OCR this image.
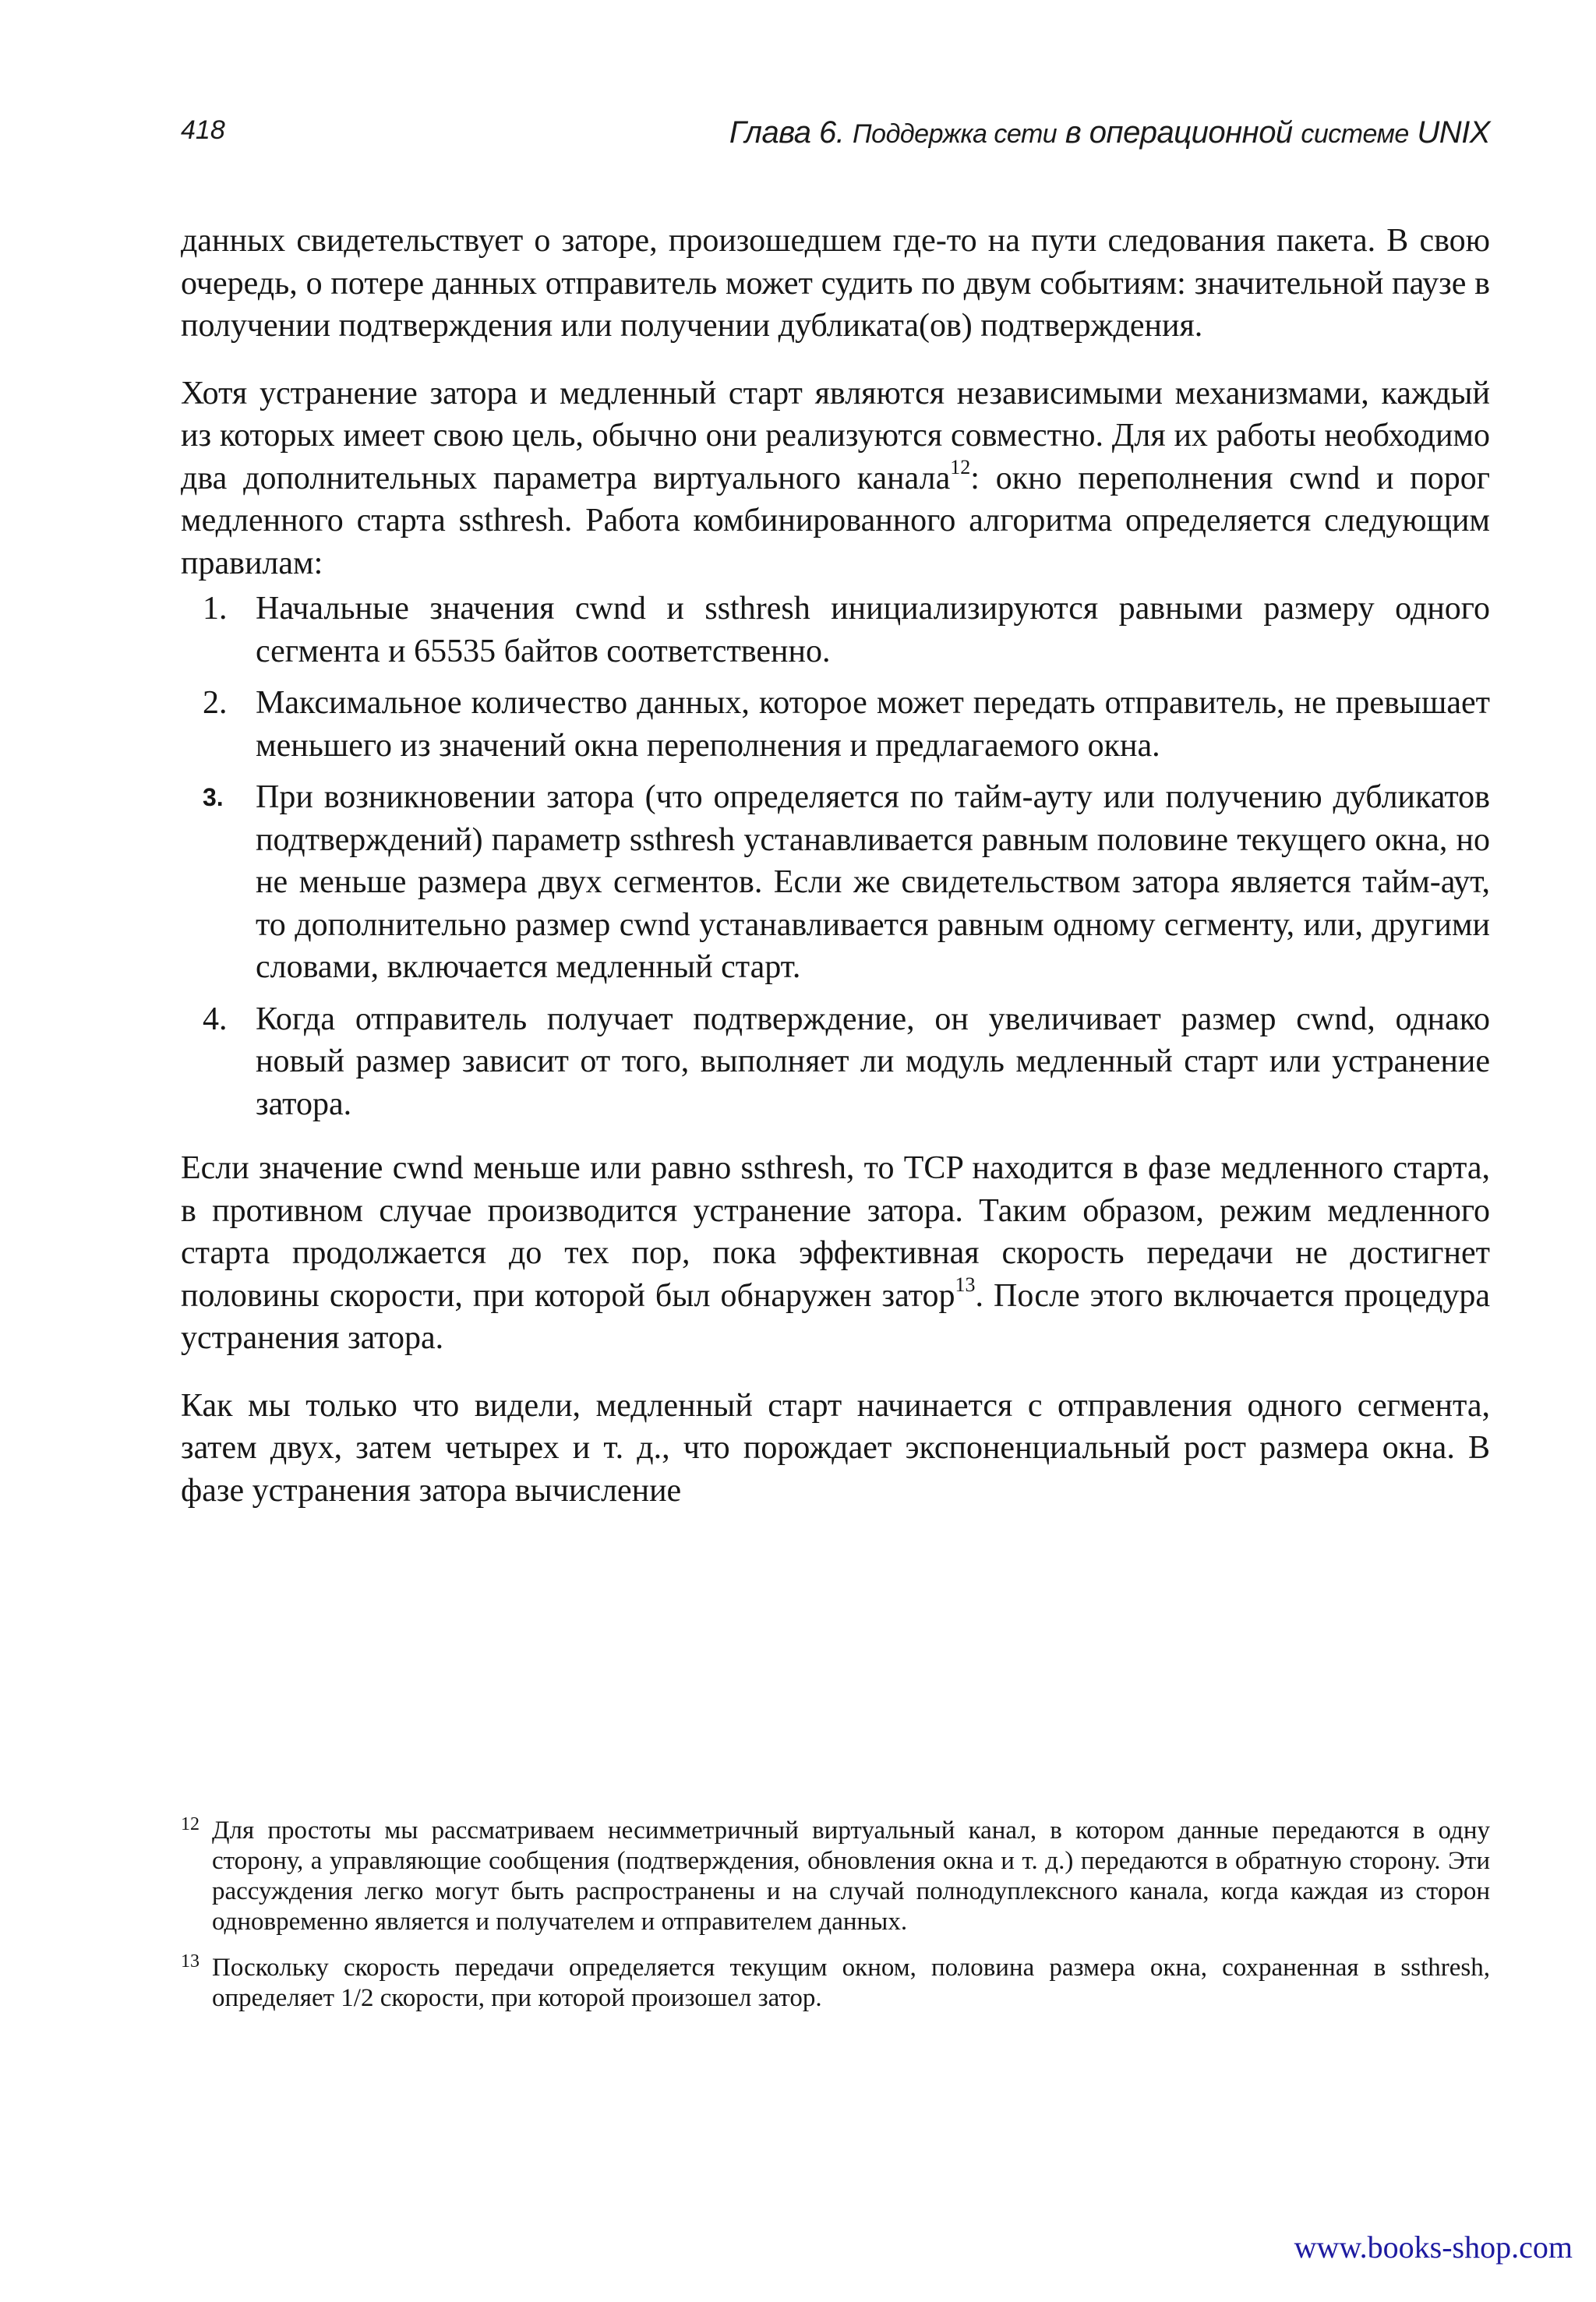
418	Глава 6. Поддержка сети в операционной системе UNIX

данных свидетельствует о заторе, произошедшем где-то на пути следования пакета. В свою очередь, о потере данных отправитель может судить по двум событиям: значительной паузе в получении подтверждения или получении дубликата(ов) подтверждения.

Хотя устранение затора и медленный старт являются независимыми механизмами, каждый из которых имеет свою цель, обычно они реализуются совместно. Для их работы необходимо два дополнительных параметра виртуального канала$^{12}$: окно переполнения cwnd и порог медленного старта ssthresh. Работа комбинированного алгоритма определяется следующим правилам:

1. Начальные значения cwnd и ssthresh инициализируются равными размеру одного сегмента и 65535 байтов соответственно.
2. Максимальное количество данных, которое может передать отправитель, не превышает меньшего из значений окна переполнения и предлагаемого окна.
3. При возникновении затора (что определяется по тайм-ауту или получению дубликатов подтверждений) параметр ssthresh устанавливается равным половине текущего окна, но не меньше размера двух сегментов. Если же свидетельством затора является тайм-аут, то дополнительно размер cwnd устанавливается равным одному сегменту, или, другими словами, включается медленный старт.
4. Когда отправитель получает подтверждение, он увеличивает размер cwnd, однако новый размер зависит от того, выполняет ли модуль медленный старт или устранение затора.

Если значение cwnd меньше или равно ssthresh, то TCP находится в фазе медленного старта, в противном случае производится устранение затора. Таким образом, режим медленного старта продолжается до тех пор, пока эффективная скорость передачи не достигнет половины скорости, при которой был обнаружен затор$^{13}$. После этого включается процедура устранения затора.

Как мы только что видели, медленный старт начинается с отправления одного сегмента, затем двух, затем четырех и т. д., что порождает экспоненциальный рост размера окна. В фазе устранения затора вычисление

12 Для простоты мы рассматриваем несимметричный виртуальный канал, в котором данные передаются в одну сторону, а управляющие сообщения (подтверждения, обновления окна и т. д.) передаются в обратную сторону. Эти рассуждения легко могут быть распространены и на случай полнодуплексного канала, когда каждая из сторон одновременно является и получателем и отправителем данных.

13 Поскольку скорость передачи определяется текущим окном, половина размера окна, сохраненная в ssthresh, определяет 1/2 скорости, при которой произошел затор.

www.books-shop.com
